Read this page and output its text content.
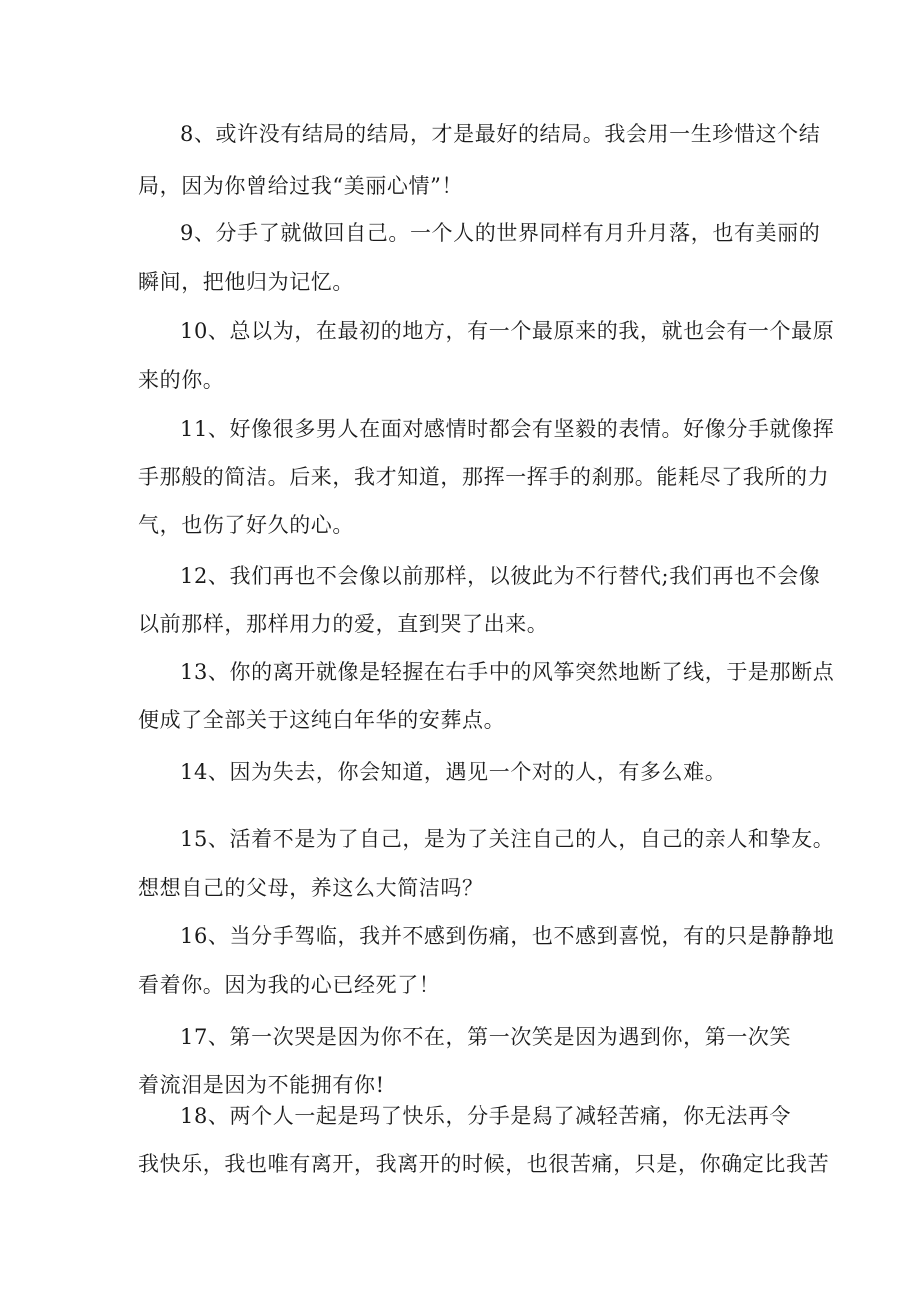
8、或许没有结局的结局，才是最好的结局。我会用一生珍惜这个结
局，因为你曾给过我“美丽心情”！
9、分手了就做回自己。一个人的世界同样有月升月落，也有美丽的
瞬间，把他归为记忆。
10、总以为，在最初的地方，有一个最原来的我，就也会有一个最原
来的你。
11、好像很多男人在面对感情时都会有坚毅的表情。好像分手就像挥
手那般的简洁。后来，我才知道，那挥一挥手的刹那。能耗尽了我所的力
气，也伤了好久的心。
12、我们再也不会像以前那样，以彼此为不行替代;我们再也不会像
以前那样，那样用力的爱，直到哭了出来。
13、你的离开就像是轻握在右手中的风筝突然地断了线，于是那断点
便成了全部关于这纯白年华的安葬点。
14、因为失去，你会知道，遇见一个对的人，有多么难。
15、活着不是为了自己，是为了关注自己的人，自己的亲人和挚友。
想想自己的父母，养这么大简洁吗？
16、当分手驾临，我并不感到伤痛，也不感到喜悦，有的只是静静地
看着你。因为我的心已经死了！
17、第一次哭是因为你不在，第一次笑是因为遇到你，第一次笑
着流泪是因为不能拥有你!
18、两个人一起是玛了快乐，分手是舄了减轻苦痛，你无法再令
我快乐，我也唯有离开，我离开的时候，也很苦痛，只是，你确定比我苦
